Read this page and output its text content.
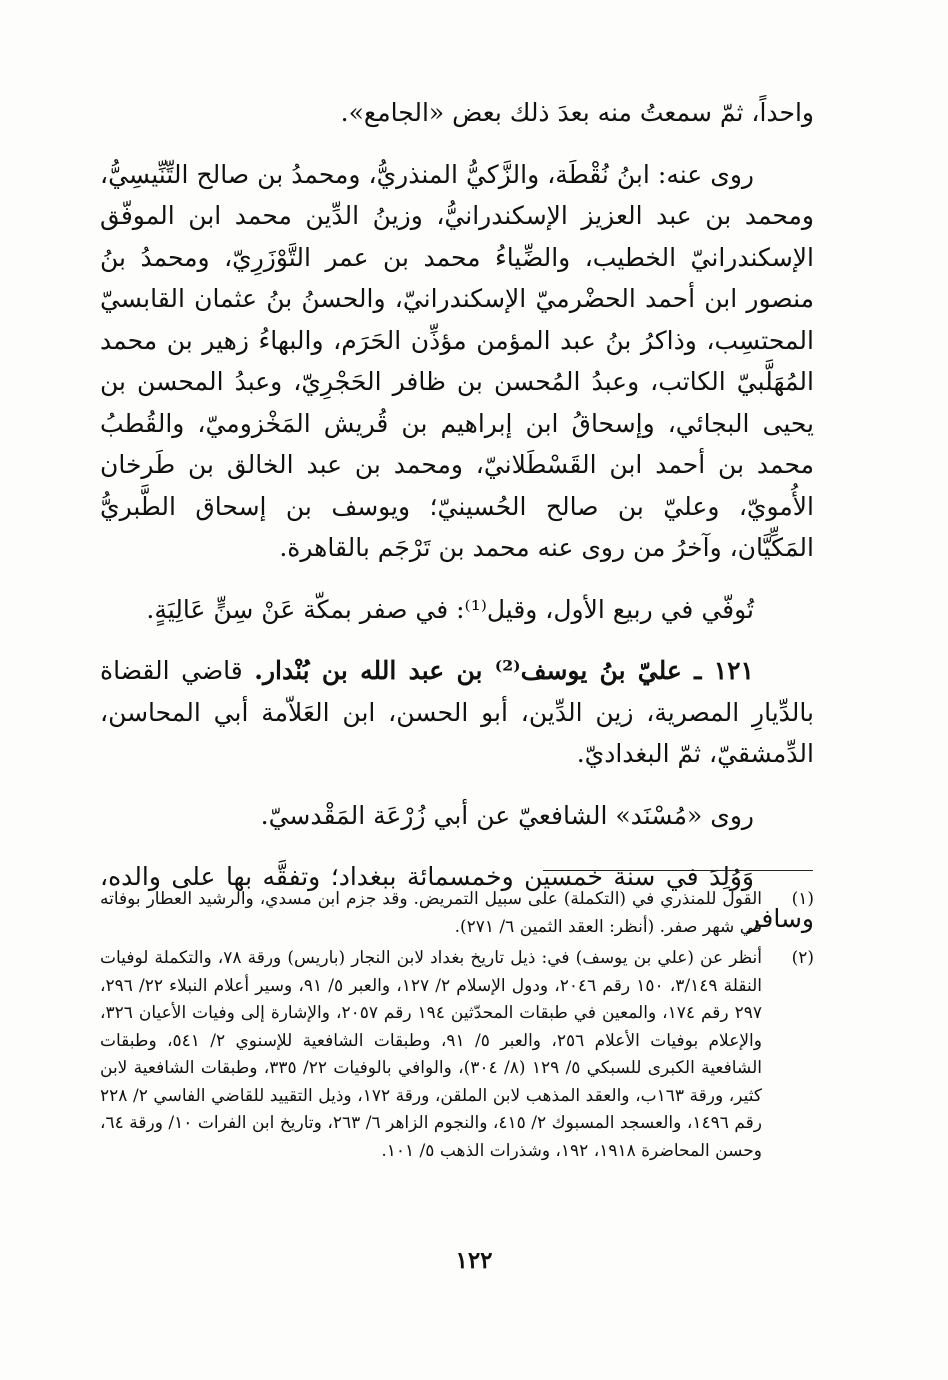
واحداً، ثمّ سمعتُ منه بعدَ ذلك بعض «الجامع».

روى عنه: ابنُ نُقْطَة، والزَّكيُّ المنذريُّ، ومحمدُ بن صالح التِّنِّيسِيُّ، ومحمد بن عبد العزيز الإسكندرانيُّ، وزينُ الدِّين محمد ابن الموفّق الإسكندرانيّ الخطيب، والضِّياءُ محمد بن عمر التَّوْزَرِيّ، ومحمدُ بنُ منصور ابن أحمد الحضْرميّ الإسكندرانيّ، والحسنُ بنُ عثمان القابسيّ المحتسِب، وذاكرُ بنُ عبد المؤمن مؤذِّن الحَرَم، والبهاءُ زهير بن محمد المُهَلَّبيّ الكاتب، وعبدُ المُحسن بن ظافر الحَجْرِيّ، وعبدُ المحسن بن يحيى البجائي، وإسحاقُ ابن إبراهيم بن قُريش المَخْزوميّ، والقُطبُ محمد بن أحمد ابن القَسْطَلانيّ، ومحمد بن عبد الخالق بن طَرخان الأُمويّ، وعليّ بن صالح الحُسينيّ؛ ويوسف بن إسحاق الطَّبريُّ المَكِّيَّان، وآخرُ من روى عنه محمد بن تَرْجَم بالقاهرة.

تُوفّي في ربيع الأول، وقيل⁽¹⁾: في صفر بمكّة عَنْ سِنٍّ عَالِيَةٍ.

١٢١ ـ عليّ بنُ يوسف⁽²⁾ بن عبد الله بن بُنْدار. قاضي القضاة بالدِّيارِ المصرية، زين الدِّين، أبو الحسن، ابن العَلاّمة أبي المحاسن، الدِّمشقيّ، ثمّ البغداديّ.

روى «مُسْنَد» الشافعيّ عن أبي زُرْعَة المَقْدسيّ.

وَوُلِدَ في سنة خمسين وخمسمائة ببغداد؛ وتفقَّه بها على والده، وسافر

(١)
القول للمنذري في (التكملة) على سبيل التمريض. وقد جزم ابن مسدي، والرشيد العطار بوفاته في شهر صفر. (أنظر: العقد الثمين ٦/ ٢٧١).
(٢)
أنظر عن (علي بن يوسف) في: ذيل تاريخ بغداد لابن النجار (باريس) ورقة ٧٨، والتكملة لوفيات النقلة ٣/١٤٩، ١٥٠ رقم ٢٠٤٦، ودول الإسلام ٢/ ١٢٧، والعبر ٥/ ٩١، وسير أعلام النبلاء ٢٢/ ٢٩٦، ٢٩٧ رقم ١٧٤، والمعين في طبقات المحدّثين ١٩٤ رقم ٢٠٥٧، والإشارة إلى وفيات الأعيان ٣٢٦، والإعلام بوفيات الأعلام ٢٥٦، والعبر ٥/ ٩١، وطبقات الشافعية للإسنوي ٢/ ٥٤١، وطبقات الشافعية الكبرى للسبكي ٥/ ١٢٩ (٨/ ٣٠٤)، والوافي بالوفيات ٢٢/ ٣٣٥، وطبقات الشافعية لابن كثير، ورقة ١٦٣ب، والعقد المذهب لابن الملقن، ورقة ١٧٢، وذيل التقييد للقاضي الفاسي ٢/ ٢٢٨ رقم ١٤٩٦، والعسجد المسبوك ٢/ ٤١٥، والنجوم الزاهر ٦/ ٢٦٣، وتاريخ ابن الفرات ١٠/ ورقة ٦٤، وحسن المحاضرة ١٩١٨، ١٩٢، وشذرات الذهب ٥/ ١٠١.
١٢٢
